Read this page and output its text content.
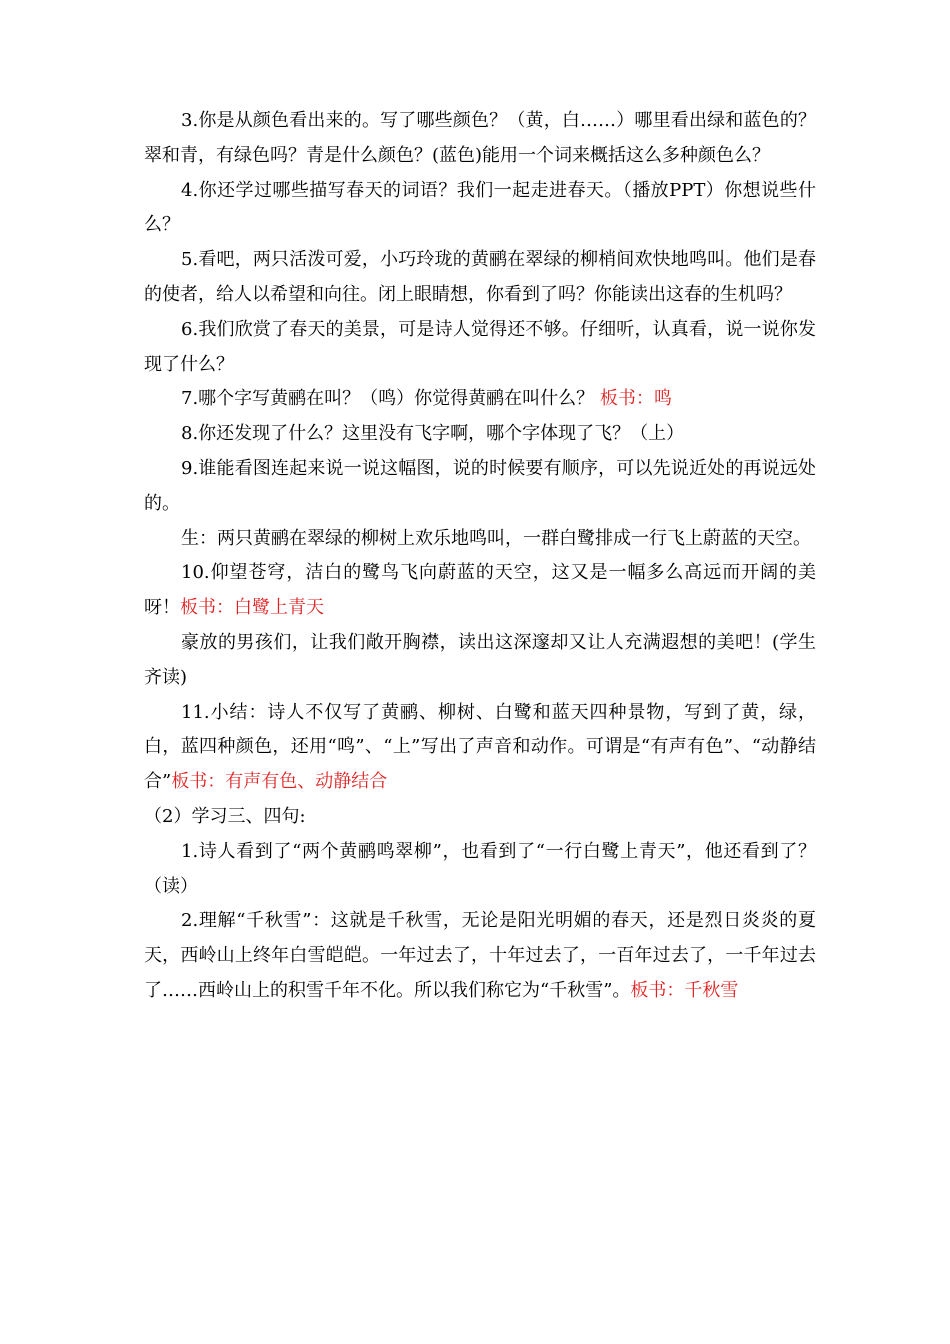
3.你是从颜色看出来的。写了哪些颜色？（黄，白……）哪里看出绿和蓝色的？翠和青，有绿色吗？青是什么颜色？(蓝色)能用一个词来概括这么多种颜色么？

4.你还学过哪些描写春天的词语？我们一起走进春天。（播放PPT）你想说些什么？

5.看吧，两只活泼可爱，小巧玲珑的黄鹂在翠绿的柳梢间欢快地鸣叫。他们是春的使者，给人以希望和向往。闭上眼睛想，你看到了吗？你能读出这春的生机吗？

6.我们欣赏了春天的美景，可是诗人觉得还不够。仔细听，认真看，说一说你发现了什么？

7.哪个字写黄鹂在叫？（鸣）你觉得黄鹂在叫什么？ 板书：鸣

8.你还发现了什么？这里没有飞字啊，哪个字体现了飞？（上）

9.谁能看图连起来说一说这幅图，说的时候要有顺序，可以先说近处的再说远处的。

生：两只黄鹂在翠绿的柳树上欢乐地鸣叫，一群白鹭排成一行飞上蔚蓝的天空。

10.仰望苍穹，洁白的鹭鸟飞向蔚蓝的天空，这又是一幅多么高远而开阔的美呀！板书：白鹭上青天

豪放的男孩们，让我们敞开胸襟，读出这深邃却又让人充满遐想的美吧！(学生齐读)

11.小结：诗人不仅写了黄鹂、柳树、白鹭和蓝天四种景物，写到了黄，绿，白，蓝四种颜色，还用“鸣”、“上”写出了声音和动作。可谓是“有声有色”、“动静结合”板书：有声有色、动静结合

（2）学习三、四句:

1.诗人看到了“两个黄鹂鸣翠柳”，也看到了“一行白鹭上青天”，他还看到了？（读）

2.理解“千秋雪”：这就是千秋雪，无论是阳光明媚的春天，还是烈日炎炎的夏天，西岭山上终年白雪皑皑。一年过去了，十年过去了，一百年过去了，一千年过去了……西岭山上的积雪千年不化。所以我们称它为“千秋雪”。板书：千秋雪
